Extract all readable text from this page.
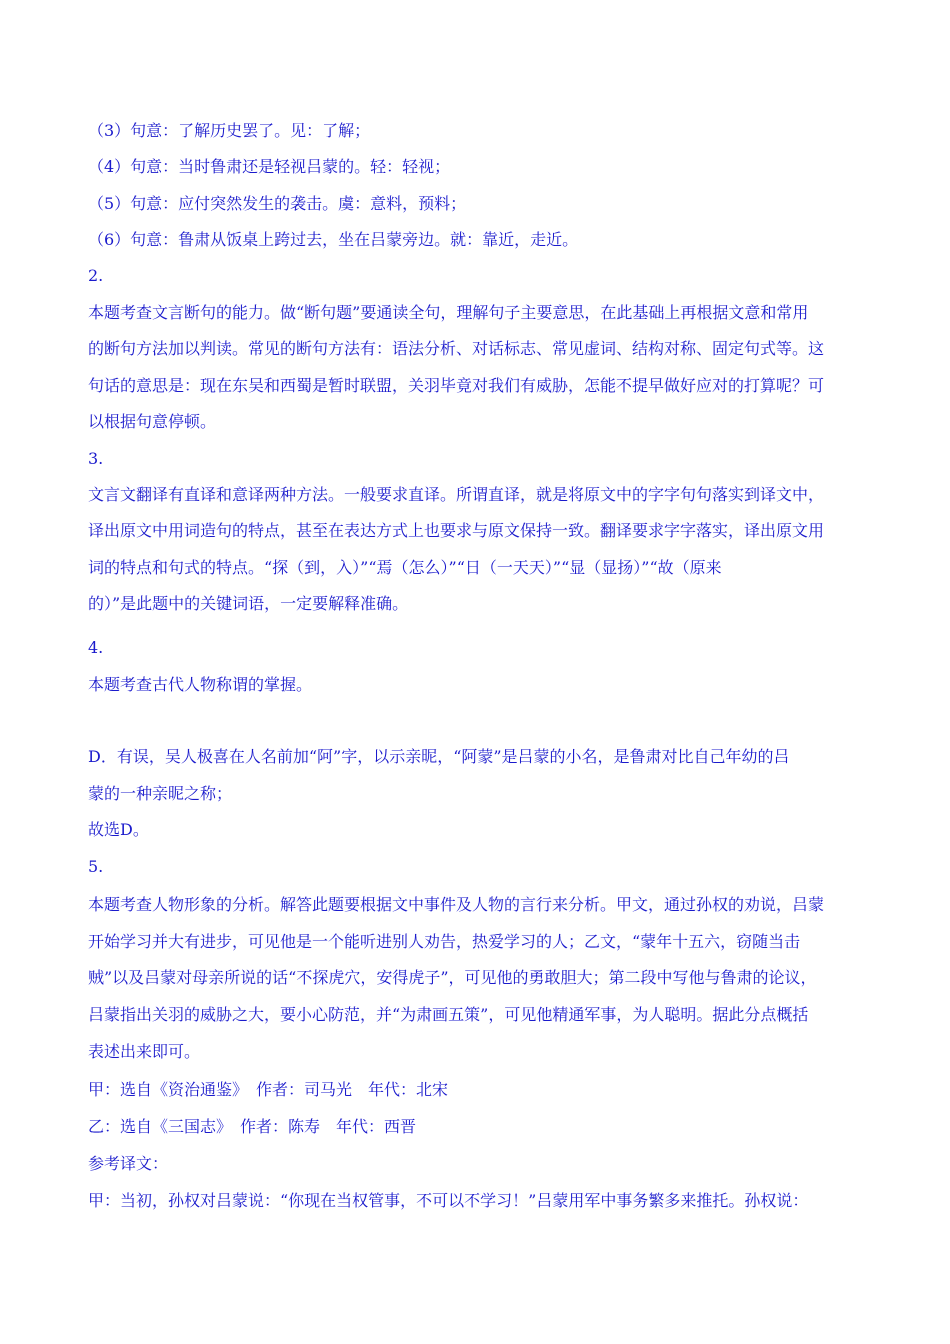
（3）句意：了解历史罢了。见：了解；
（4）句意：当时鲁肃还是轻视吕蒙的。轻：轻视；
（5）句意：应付突然发生的袭击。虞：意料，预料；
（6）句意：鲁肃从饭桌上跨过去，坐在吕蒙旁边。就：靠近，走近。
2.
本题考查文言断句的能力。做“断句题”要通读全句，理解句子主要意思，在此基础上再根据文意和常用
的断句方法加以判读。常见的断句方法有：语法分析、对话标志、常见虚词、结构对称、固定句式等。这
句话的意思是：现在东吴和西蜀是暂时联盟，关羽毕竟对我们有威胁，怎能不提早做好应对的打算呢？可
以根据句意停顿。
3.
文言文翻译有直译和意译两种方法。一般要求直译。所谓直译，就是将原文中的字字句句落实到译文中，
译出原文中用词造句的特点，甚至在表达方式上也要求与原文保持一致。翻译要求字字落实，译出原文用
词的特点和句式的特点。“探（到，入）”“焉（怎么）”“日（一天天）”“显（显扬）”“故（原来
的）”是此题中的关键词语，一定要解释准确。
4.
本题考查古代人物称谓的掌握。
D．有误，吴人极喜在人名前加“阿”字，以示亲昵，“阿蒙”是吕蒙的小名，是鲁肃对比自己年幼的吕
蒙的一种亲昵之称；
故选D。
5.
本题考查人物形象的分析。解答此题要根据文中事件及人物的言行来分析。甲文，通过孙权的劝说，吕蒙
开始学习并大有进步，可见他是一个能听进别人劝告，热爱学习的人；乙文，“蒙年十五六，窃随当击
贼”以及吕蒙对母亲所说的话“不探虎穴，安得虎子”，可见他的勇敢胆大；第二段中写他与鲁肃的论议，
吕蒙指出关羽的威胁之大，要小心防范，并“为肃画五策”，可见他精通军事，为人聪明。据此分点概括
表述出来即可。
甲：选自《资治通鉴》　作者：司马光　年代：北宋
乙：选自《三国志》　作者：陈寿　年代：西晋
参考译文：
甲：当初，孙权对吕蒙说：“你现在当权管事，不可以不学习！”吕蒙用军中事务繁多来推托。孙权说：
